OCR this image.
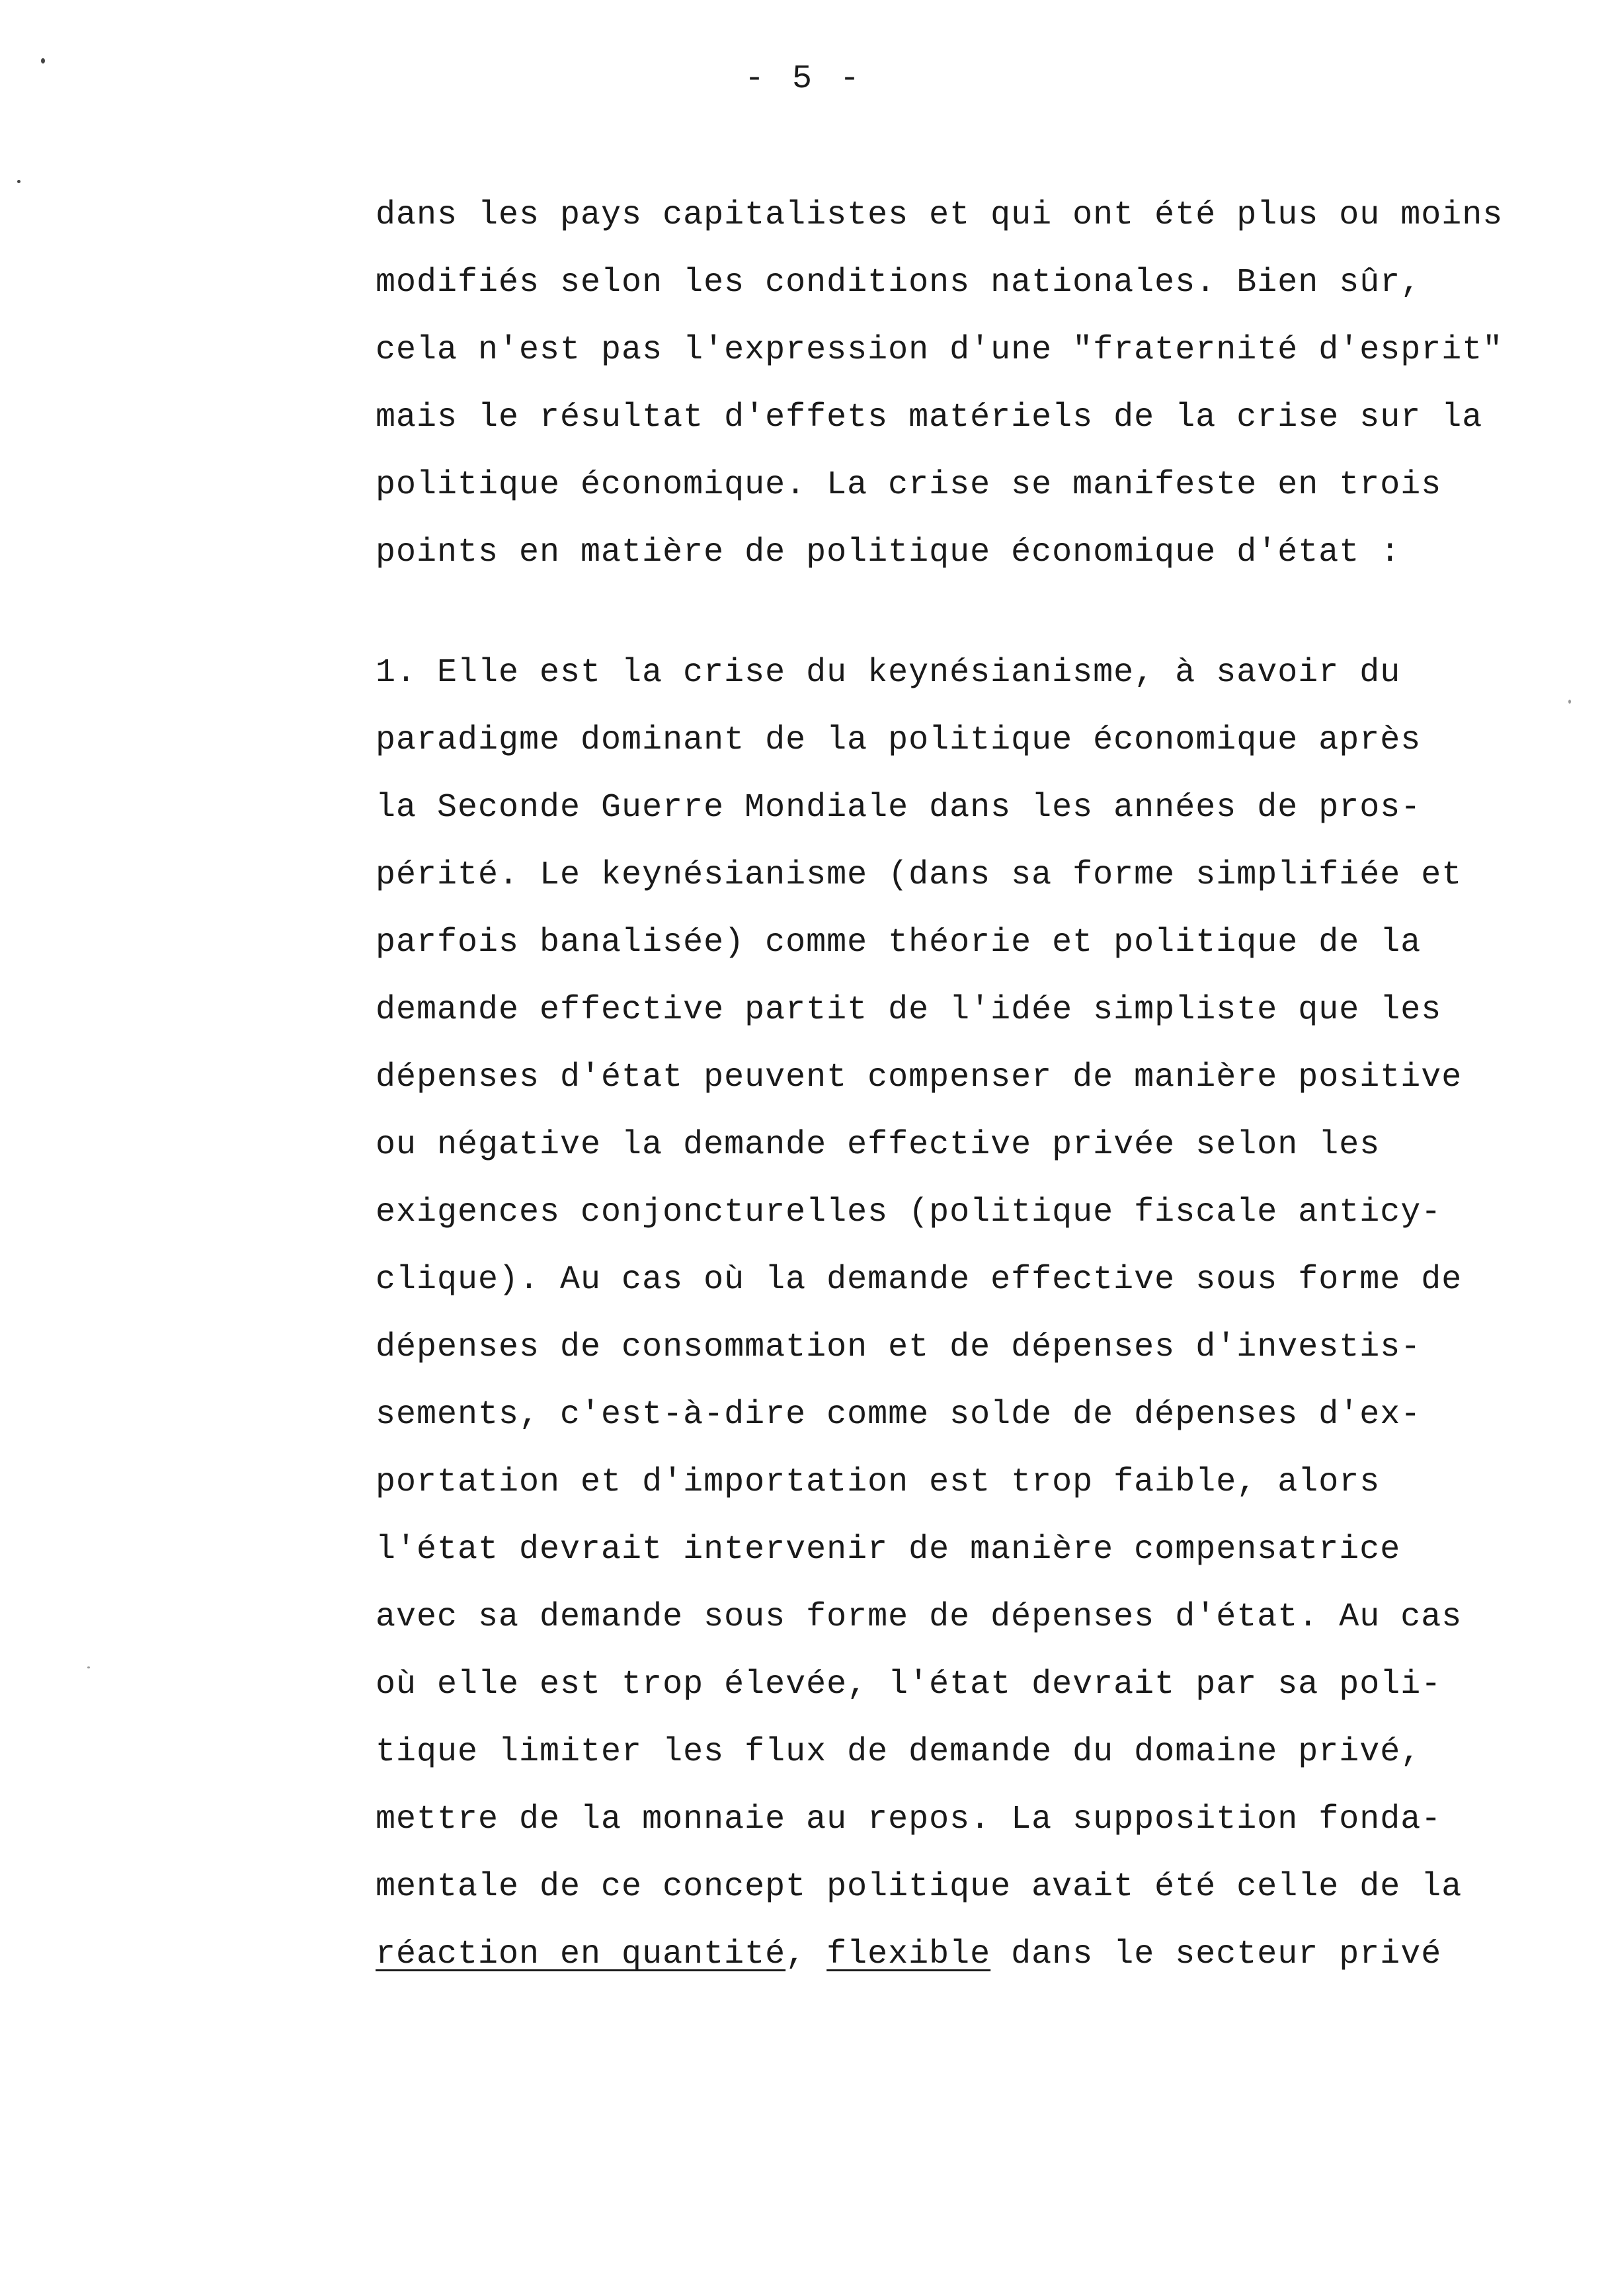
- 5 -
dans les pays capitalistes et qui ont été plus ou moins
modifiés selon les conditions nationales. Bien sûr,
cela n'est pas l'expression d'une "fraternité d'esprit"
mais le résultat d'effets matériels de la crise sur la
politique économique. La crise se manifeste en trois
points en matière de politique économique d'état :
1. Elle est la crise du keynésianisme, à savoir du
paradigme dominant de la politique économique après
la Seconde Guerre Mondiale dans les années de pros-
périté. Le keynésianisme (dans sa forme simplifiée et
parfois banalisée) comme théorie et politique de la
demande effective partit de l'idée simpliste que les
dépenses d'état peuvent compenser de manière positive
ou négative la demande effective privée selon les
exigences conjoncturelles (politique fiscale anticy-
clique). Au cas où la demande effective sous forme de
dépenses de consommation et de dépenses d'investis-
sements, c'est-à-dire comme solde de dépenses d'ex-
portation et d'importation est trop faible, alors
l'état devrait intervenir de manière compensatrice
avec sa demande sous forme de dépenses d'état. Au cas
où elle est trop élevée, l'état devrait par sa poli-
tique limiter les flux de demande du domaine privé,
mettre de la monnaie au repos. La supposition fonda-
mentale de ce concept politique avait été celle de la
réaction en quantité, flexible dans le secteur privé
